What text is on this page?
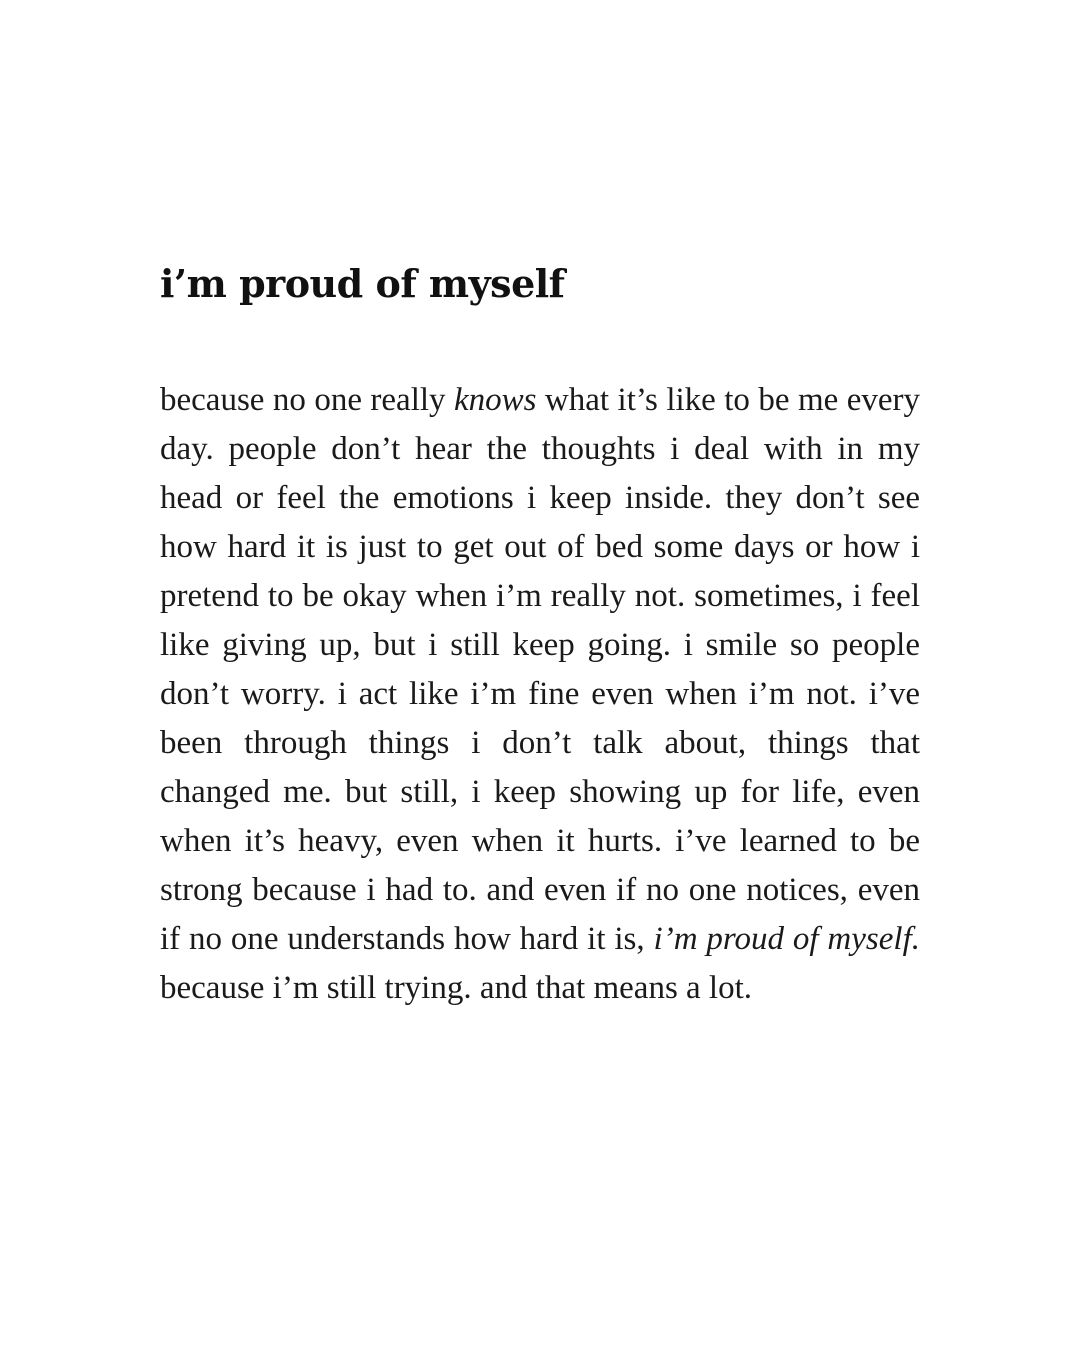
i’m proud of myself

because no one really knows what it’s like to be me every day. people don’t hear the thoughts i deal with in my head or feel the emotions i keep inside. they don’t see how hard it is just to get out of bed some days or how i pretend to be okay when i’m really not. sometimes, i feel like giving up, but i still keep going. i smile so people don’t worry. i act like i’m fine even when i’m not. i’ve been through things i don’t talk about, things that changed me. but still, i keep showing up for life, even when it’s heavy, even when it hurts. i’ve learned to be strong because i had to. and even if no one notices, even if no one understands how hard it is, i’m proud of myself. because i’m still trying. and that means a lot.
